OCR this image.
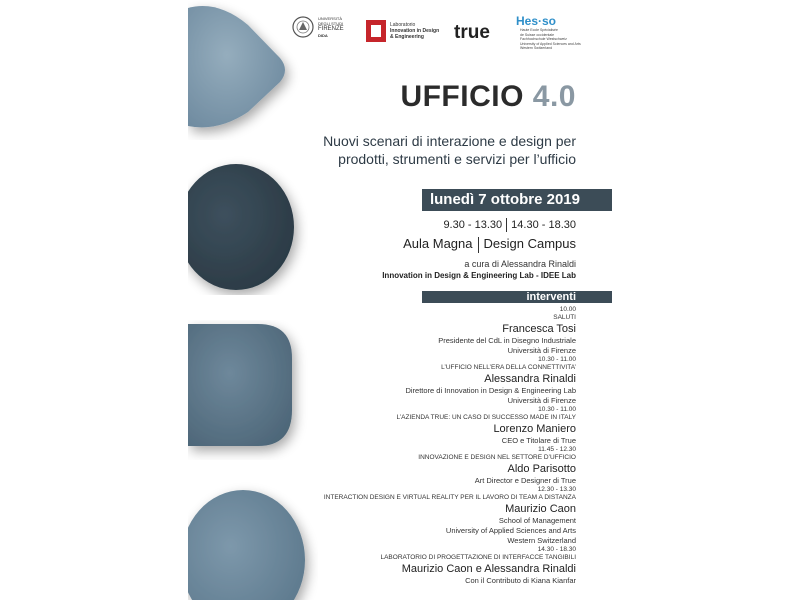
UNIVERSITÀ
DEGLI STUDI
FIRENZE
DIDA
Laboratorio
Innovation in Design
& Engineering	true
Hes·so
Haute Ecole Spécialisée
de Suisse occidentale
Fachhochschule Westschweiz
University of Applied Sciences and Arts
Western Switzerland
UFFICIO 4.0
Nuovi scenari di interazione e design per
prodotti, strumenti e servizi per l’ufficio
lunedì 7 ottobre 2019
9.30 - 13.30 14.30 - 18.30
Aula Magna Design Campus
a cura di Alessandra Rinaldi
Innovation in Design & Engineering Lab - IDEE Lab
interventi
10.00
SALUTI
Francesca Tosi
Presidente del CdL in Disegno Industriale
Università di Firenze
10.30 - 11.00
L’UFFICIO NELL’ERA DELLA CONNETTIVITA’
Alessandra Rinaldi
Direttore di Innovation in Design & Engineering Lab
Università di Firenze
10.30 - 11.00
L’AZIENDA TRUE: UN CASO DI SUCCESSO MADE IN ITALY
Lorenzo Maniero
CEO e Titolare di True
11.45 - 12.30
INNOVAZIONE E DESIGN NEL SETTORE D’UFFICIO
Aldo Parisotto
Art Director e Designer di True
12.30 - 13.30
INTERACTION DESIGN E VIRTUAL REALITY PER IL LAVORO DI TEAM A DISTANZA
Maurizio Caon
School of Management
University of Applied Sciences and Arts
Western Switzerland
14.30 - 18.30
LABORATORIO DI PROGETTAZIONE DI INTERFACCE TANGIBILI
Maurizio Caon e Alessandra Rinaldi
Con il Contributo di Kiana Kianfar
